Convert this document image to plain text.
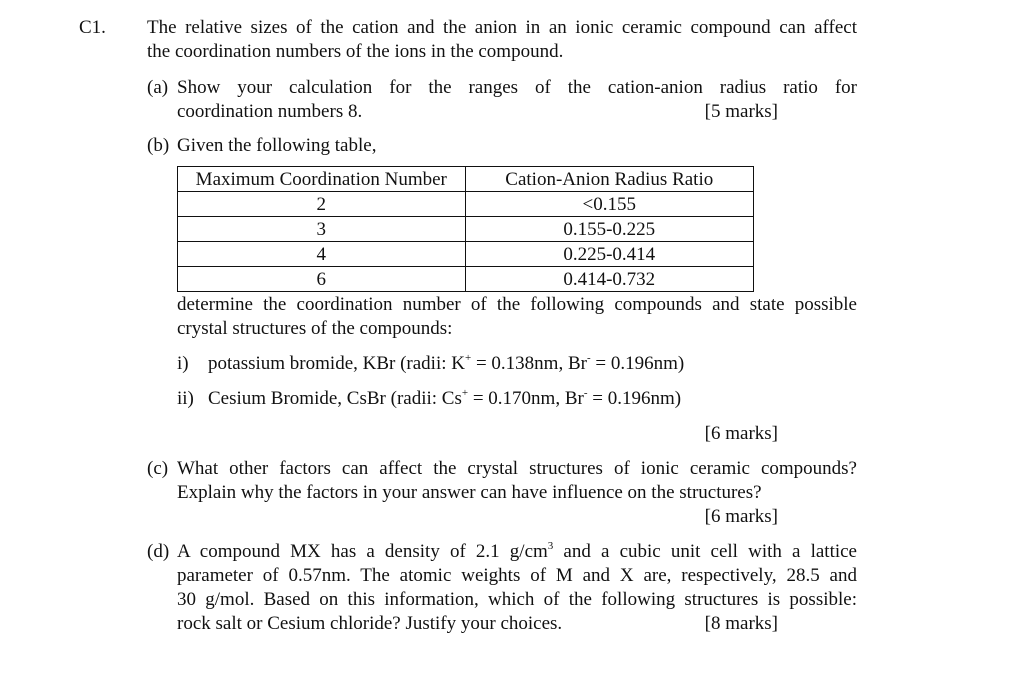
C1. The relative sizes of the cation and the anion in an ionic ceramic compound can affect
the coordination numbers of the ions in the compound.
(a) Show your calculation for the ranges of the cation-anion radius ratio for
coordination numbers 8.	[5 marks]
(b) Given the following table,
Maximum Coordination Number	Cation-Anion Radius Ratio
2	<0.155
3	0.155-0.225
4	0.225-0.414
6	0.414-0.732
determine the coordination number of the following compounds and state possible
crystal structures of the compounds:
i) potassium bromide, KBr (radii: K+ = 0.138nm, Br- = 0.196nm)
ii) Cesium Bromide, CsBr (radii: Cs+ = 0.170nm, Br- = 0.196nm)
[6 marks]
(c) What other factors can affect the crystal structures of ionic ceramic compounds?
Explain why the factors in your answer can have influence on the structures?
[6 marks]
(d) A compound MX has a density of 2.1 $g/cm^3$ and a cubic unit cell with a lattice
parameter of 0.57nm. The atomic weights of M and X are, respectively, 28.5 and
30 g/mol. Based on this information, which of the following structures is possible:
rock salt or Cesium chloride? Justify your choices.	[8 marks]
